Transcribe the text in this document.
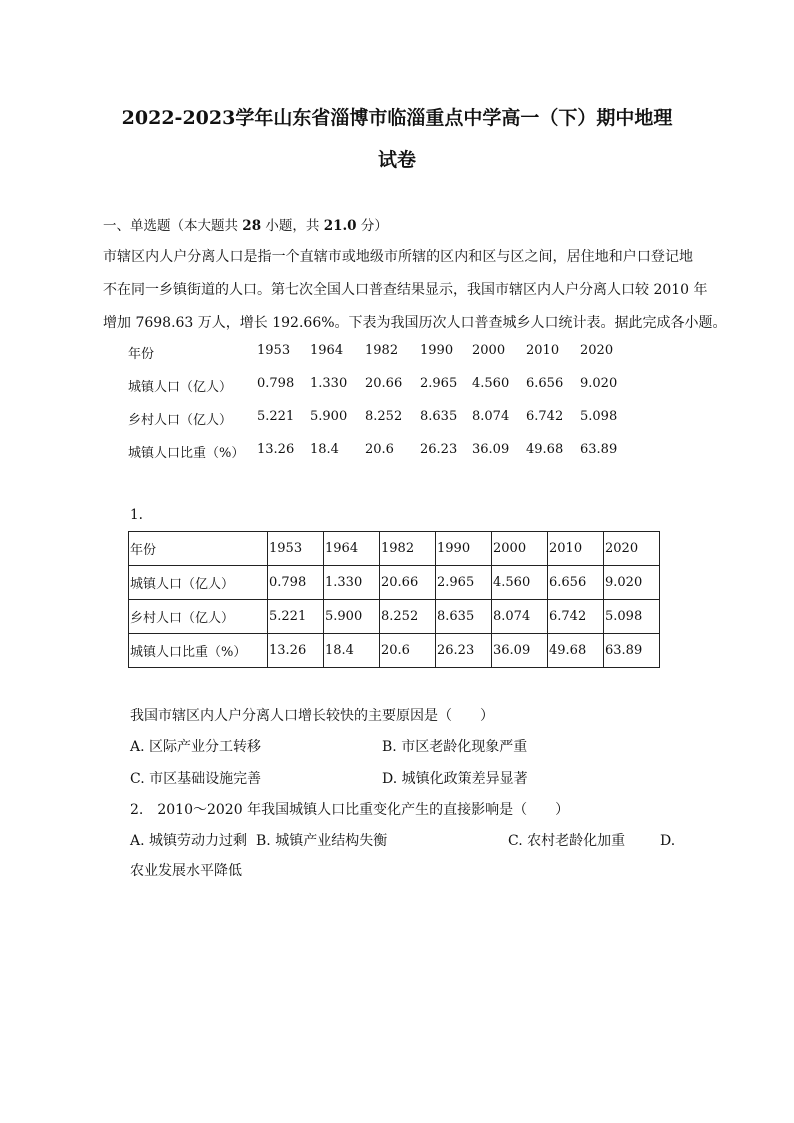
2022-2023学年山东省淄博市临淄重点中学高一（下）期中地理
试卷
一、单选题（本大题共 28 小题，共 21.0 分）
市辖区内人户分离人口是指一个直辖市或地级市所辖的区内和区与区之间，居住地和户口登记地
不在同一乡镇街道的人口。第七次全国人口普查结果显示，我国市辖区内人户分离人口较 2010 年
增加 7698.63 万人，增长 192.66%。下表为我国历次人口普查城乡人口统计表。据此完成各小题。
年份	1953 1964 1982 1990 2000 2010 2020
城镇人口（亿人） 0.798 1.330 20.66 2.965 4.560 6.656 9.020
乡村人口（亿人） 5.221 5.900 8.252 8.635 8.074 6.742 5.098
城镇人口比重（%） 13.26 18.4 20.6 26.23 36.09 49.68 63.89
1.
年份	1953	1964	1982	1990	2000	2010	2020
城镇人口（亿人）	0.798	1.330	20.66	2.965	4.560	6.656	9.020
乡村人口（亿人）	5.221	5.900	8.252	8.635	8.074	6.742	5.098
城镇人口比重（%）	13.26	18.4	20.6	26.23	36.09	49.68	63.89
我国市辖区内人户分离人口增长较快的主要原因是（　　）
A. 区际产业分工转移	B. 市区老龄化现象严重
C. 市区基础设施完善	D. 城镇化政策差异显著
2.　2010～2020 年我国城镇人口比重变化产生的直接影响是（　　）
A. 城镇劳动力过剩 B. 城镇产业结构失衡	C. 农村老龄化加重 D.
农业发展水平降低
